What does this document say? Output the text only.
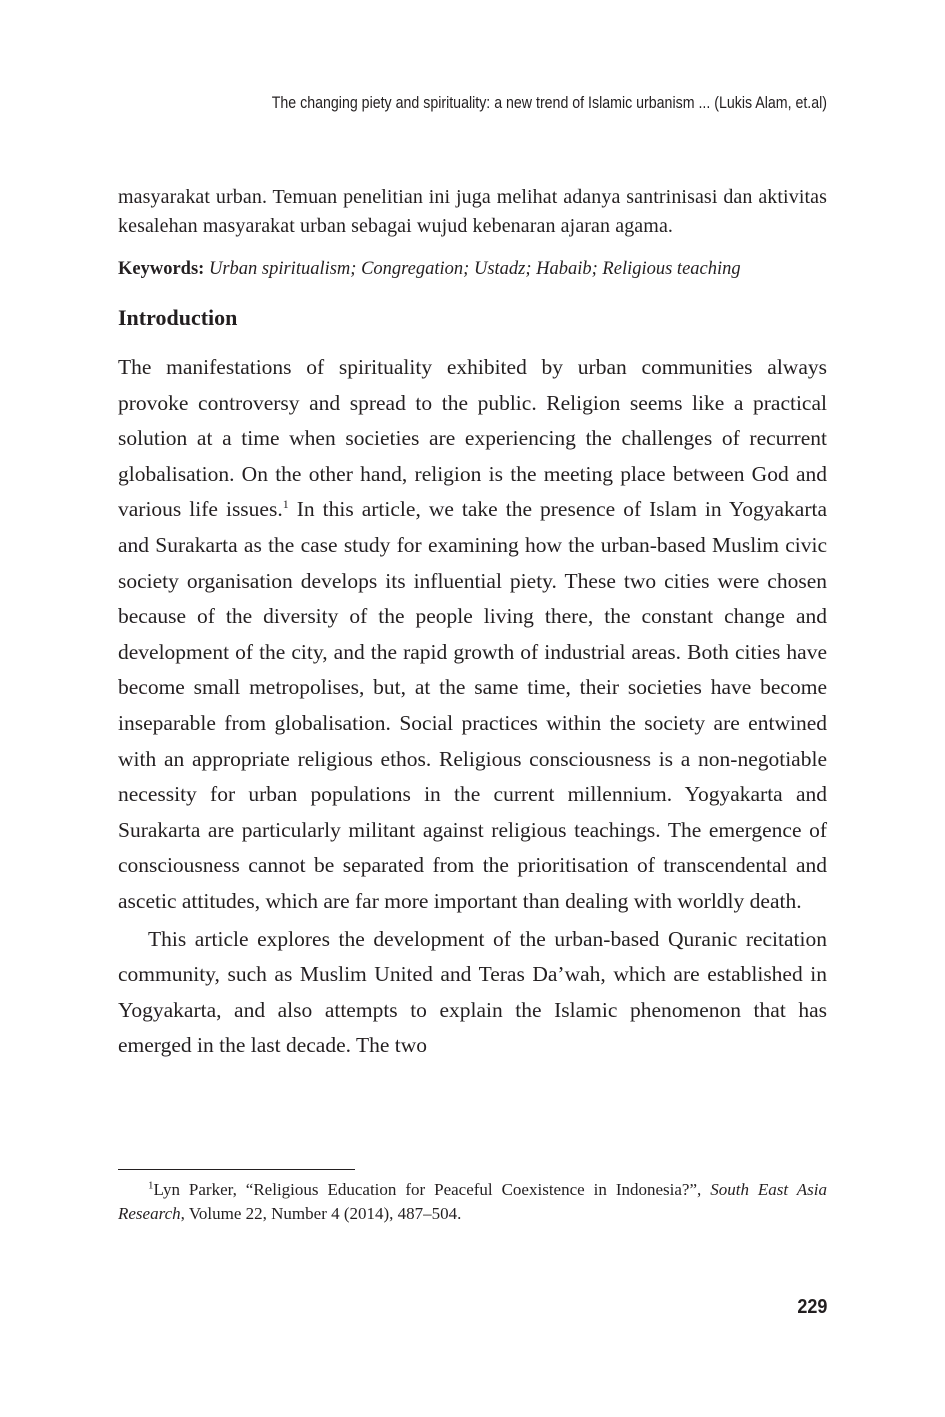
The changing piety and spirituality: a new trend of Islamic urbanism ... (Lukis Alam, et.al)

masyarakat urban. Temuan penelitian ini juga melihat adanya santrinisasi dan aktivitas kesalehan masyarakat urban sebagai wujud kebenaran ajaran agama.

Keywords: Urban spiritualism; Congregation; Ustadz; Habaib; Religious teaching

Introduction

The manifestations of spirituality exhibited by urban communities always provoke controversy and spread to the public. Religion seems like a practical solution at a time when societies are experiencing the challenges of recurrent globalisation. On the other hand, religion is the meeting place between God and various life issues.$^1$ In this article, we take the presence of Islam in Yogyakarta and Surakarta as the case study for examining how the urban-based Muslim civic society organisation develops its influential piety. These two cities were chosen because of the diversity of the people living there, the constant change and development of the city, and the rapid growth of industrial areas. Both cities have become small metropolises, but, at the same time, their societies have become inseparable from globalisation. Social practices within the society are entwined with an appropriate religious ethos. Religious consciousness is a non-negotiable necessity for urban populations in the current millennium. Yogyakarta and Surakarta are particularly militant against religious teachings. The emergence of consciousness cannot be separated from the prioritisation of transcendental and ascetic attitudes, which are far more important than dealing with worldly death.

This article explores the development of the urban-based Quranic recitation community, such as Muslim United and Teras Da’wah, which are established in Yogyakarta, and also attempts to explain the Islamic phenomenon that has emerged in the last decade. The two

$^1$Lyn Parker, “Religious Education for Peaceful Coexistence in Indonesia?”, South East Asia Research, Volume 22, Number 4 (2014), 487–504.

229
